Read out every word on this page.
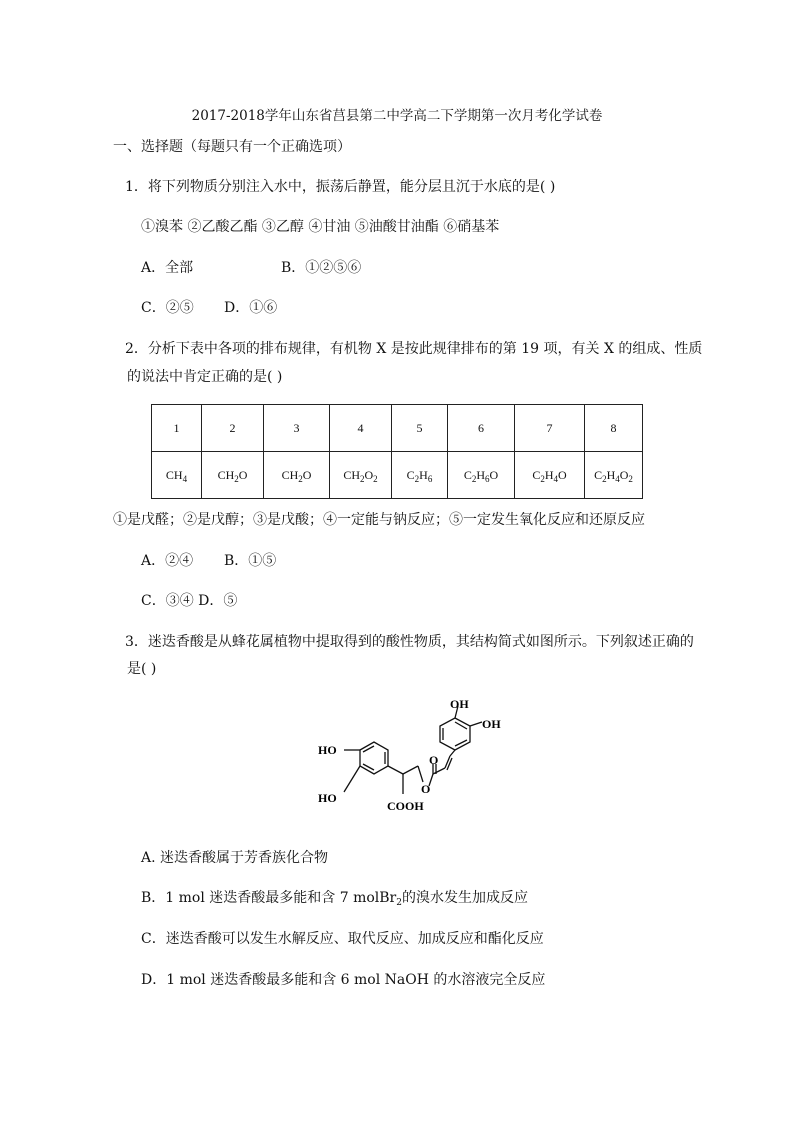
2017-2018学年山东省莒县第二中学高二下学期第一次月考化学试卷
一、选择题（每题只有一个正确选项）
1．将下列物质分别注入水中，振荡后静置，能分层且沉于水底的是( )
①溴苯 ②乙酸乙酯 ③乙醇 ④甘油 ⑤油酸甘油酯 ⑥硝基苯
A．全部	B．①②⑤⑥
C．②⑤ D．①⑥
2．分析下表中各项的排布规律，有机物 X 是按此规律排布的第 19 项，有关 X 的组成、性质
的说法中肯定正确的是( )
1	2	3	4	5	6	7	8
$CH_4$	$CH_2O$	$CH_2O$	$CH_2O_2$	$C_2H_6$	$C_2H_6O$	$C_2H_4O$	$C_2H_4O_2$
①是戊醛；②是戊醇；③是戊酸；④一定能与钠反应；⑤一定发生氧化反应和还原反应
A．②④ B．①⑤
C．③④ D．⑤
3．迷迭香酸是从蜂花属植物中提取得到的酸性物质，其结构简式如图所示。下列叙述正确的
是( )
HO
HO
COOH
O
O
OH
OH
A. 迷迭香酸属于芳香族化合物
B．1 mol 迷迭香酸最多能和含 7 molBr$_2$的溴水发生加成反应
C．迷迭香酸可以发生水解反应、取代反应、加成反应和酯化反应
D．1 mol 迷迭香酸最多能和含 6 mol NaOH 的水溶液完全反应
